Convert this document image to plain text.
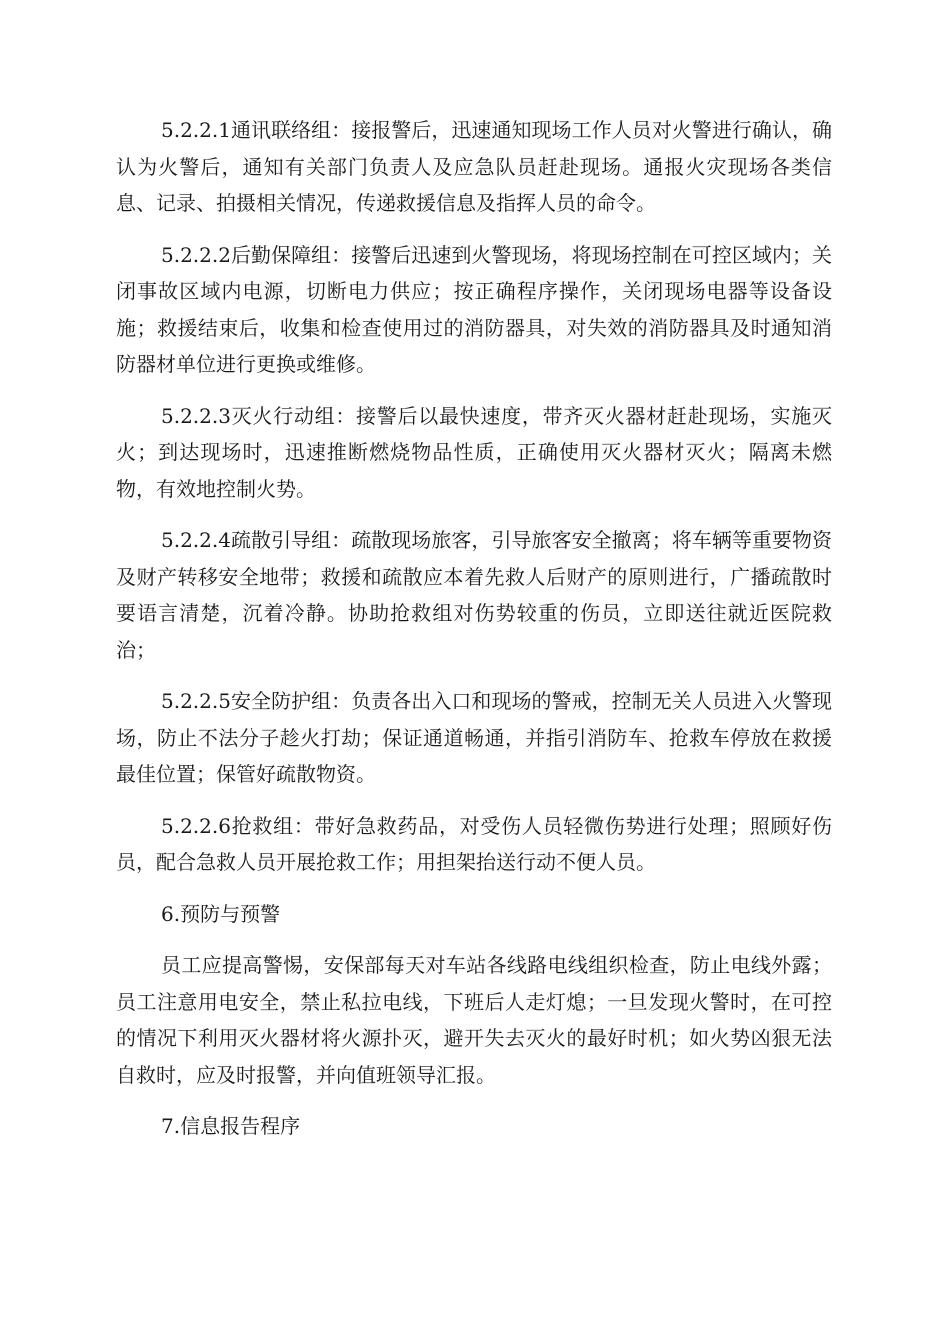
5.2.2.1通讯联络组：接报警后，迅速通知现场工作人员对火警进行确认，确认为火警后，通知有关部门负责人及应急队员赶赴现场。通报火灾现场各类信息、记录、拍摄相关情况，传递救援信息及指挥人员的命令。

5.2.2.2后勤保障组：接警后迅速到火警现场，将现场控制在可控区域内；关闭事故区域内电源，切断电力供应；按正确程序操作，关闭现场电器等设备设施；救援结束后，收集和检查使用过的消防器具，对失效的消防器具及时通知消防器材单位进行更换或维修。

5.2.2.3灭火行动组：接警后以最快速度，带齐灭火器材赶赴现场，实施灭火；到达现场时，迅速推断燃烧物品性质，正确使用灭火器材灭火；隔离未燃物，有效地控制火势。

5.2.2.4疏散引导组：疏散现场旅客，引导旅客安全撤离；将车辆等重要物资及财产转移安全地带；救援和疏散应本着先救人后财产的原则进行，广播疏散时要语言清楚，沉着冷静。协助抢救组对伤势较重的伤员，立即送往就近医院救治；

5.2.2.5安全防护组：负责各出入口和现场的警戒，控制无关人员进入火警现场，防止不法分子趁火打劫；保证通道畅通，并指引消防车、抢救车停放在救援最佳位置；保管好疏散物资。

5.2.2.6抢救组：带好急救药品，对受伤人员轻微伤势进行处理；照顾好伤员，配合急救人员开展抢救工作；用担架抬送行动不便人员。

6.预防与预警

员工应提高警惕，安保部每天对车站各线路电线组织检查，防止电线外露；员工注意用电安全，禁止私拉电线，下班后人走灯熄；一旦发现火警时，在可控的情况下利用灭火器材将火源扑灭，避开失去灭火的最好时机；如火势凶狠无法自救时，应及时报警，并向值班领导汇报。

7.信息报告程序
